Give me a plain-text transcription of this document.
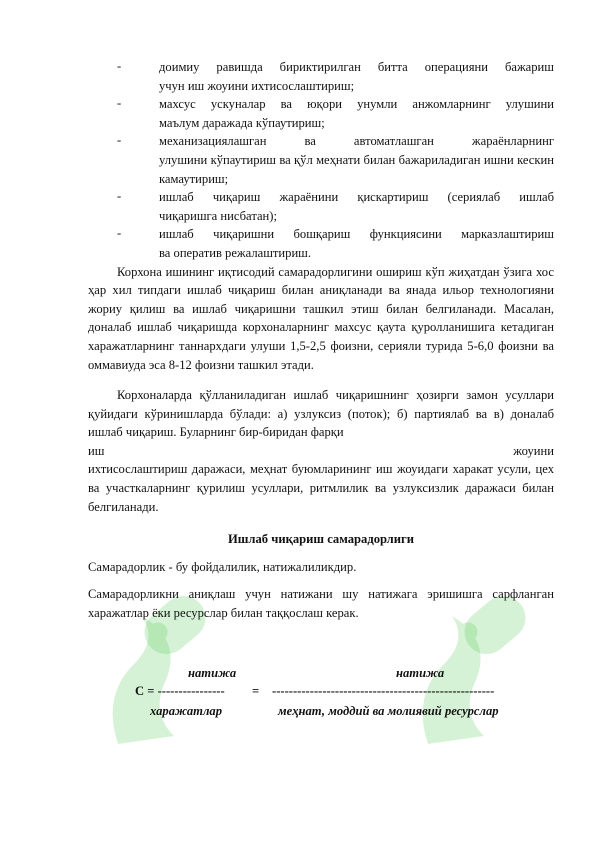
-	доимиу равишда бириктирилган битта операцияни бажариш
учун иш жоуини ихтисослаштириш;

-	махсус ускуналар ва юқори унумли анжомларнинг улушини
маълум даражада кўпаутириш;

-	механизациялашган ва автоматлашган жараёнларнинг
улушини кўпаутириш ва қўл меҳнати билан бажариладиган ишни кескин камаутириш;

-	ишлаб чиқариш жараёнини қискартириш (сериялаб ишлаб
чиқаришга нисбатан);

-	ишлаб чиқаришни бошқариш функциясини марказлаштириш
ва оператив режалаштириш.

Корхона ишининг иқтисодий самарадорлигини ошириш кўп жиҳатдан ўзига хос ҳар хил типдаги ишлаб чиқариш билан аниқланади ва янада ильор технологияни жориу қилиш ва ишлаб чиқаришни ташкил этиш билан белгиланади. Масалан, доналаб ишлаб чиқаришда корхоналарнинг махсус қаута қуролланишига кетадиган харажатларнинг таннархдаги улуши 1,5-2,5 фоизни, серияли турида 5-6,0 фоизни ва оммавиуда эса 8-12 фоизни ташкил этади.

Корхоналарда қўлланиладиган ишлаб чиқаришнинг ҳозирги замон усуллари қуйидаги кўринишларда бўлади: а) узлуксиз (поток); б) партиялаб ва в) доналаб ишлаб чиқариш. Буларнинг бир-биридан фарқи

иш	жоуини

ихтисослаштириш даражаси, меҳнат буюмларининг иш жоуидаги харакат усули, цех ва участкаларнинг қурилиш усуллари, ритмлилик ва узлуксизлик даражаси билан белгиланади.

Ишлаб чиқариш самарадорлиги

Самарадорлик - бу фойдалилик, натижалиликдир.

Самарадорликни аниқлаш учун натижани шу натижага эришишга сарфланган харажатлар ёки ресурслар билан таққослаш керак.

натижа	натижа
C = ---------------- = -----------------------------------------------------
харажатлар	меҳнат, моддий ва молиявий ресурслар
